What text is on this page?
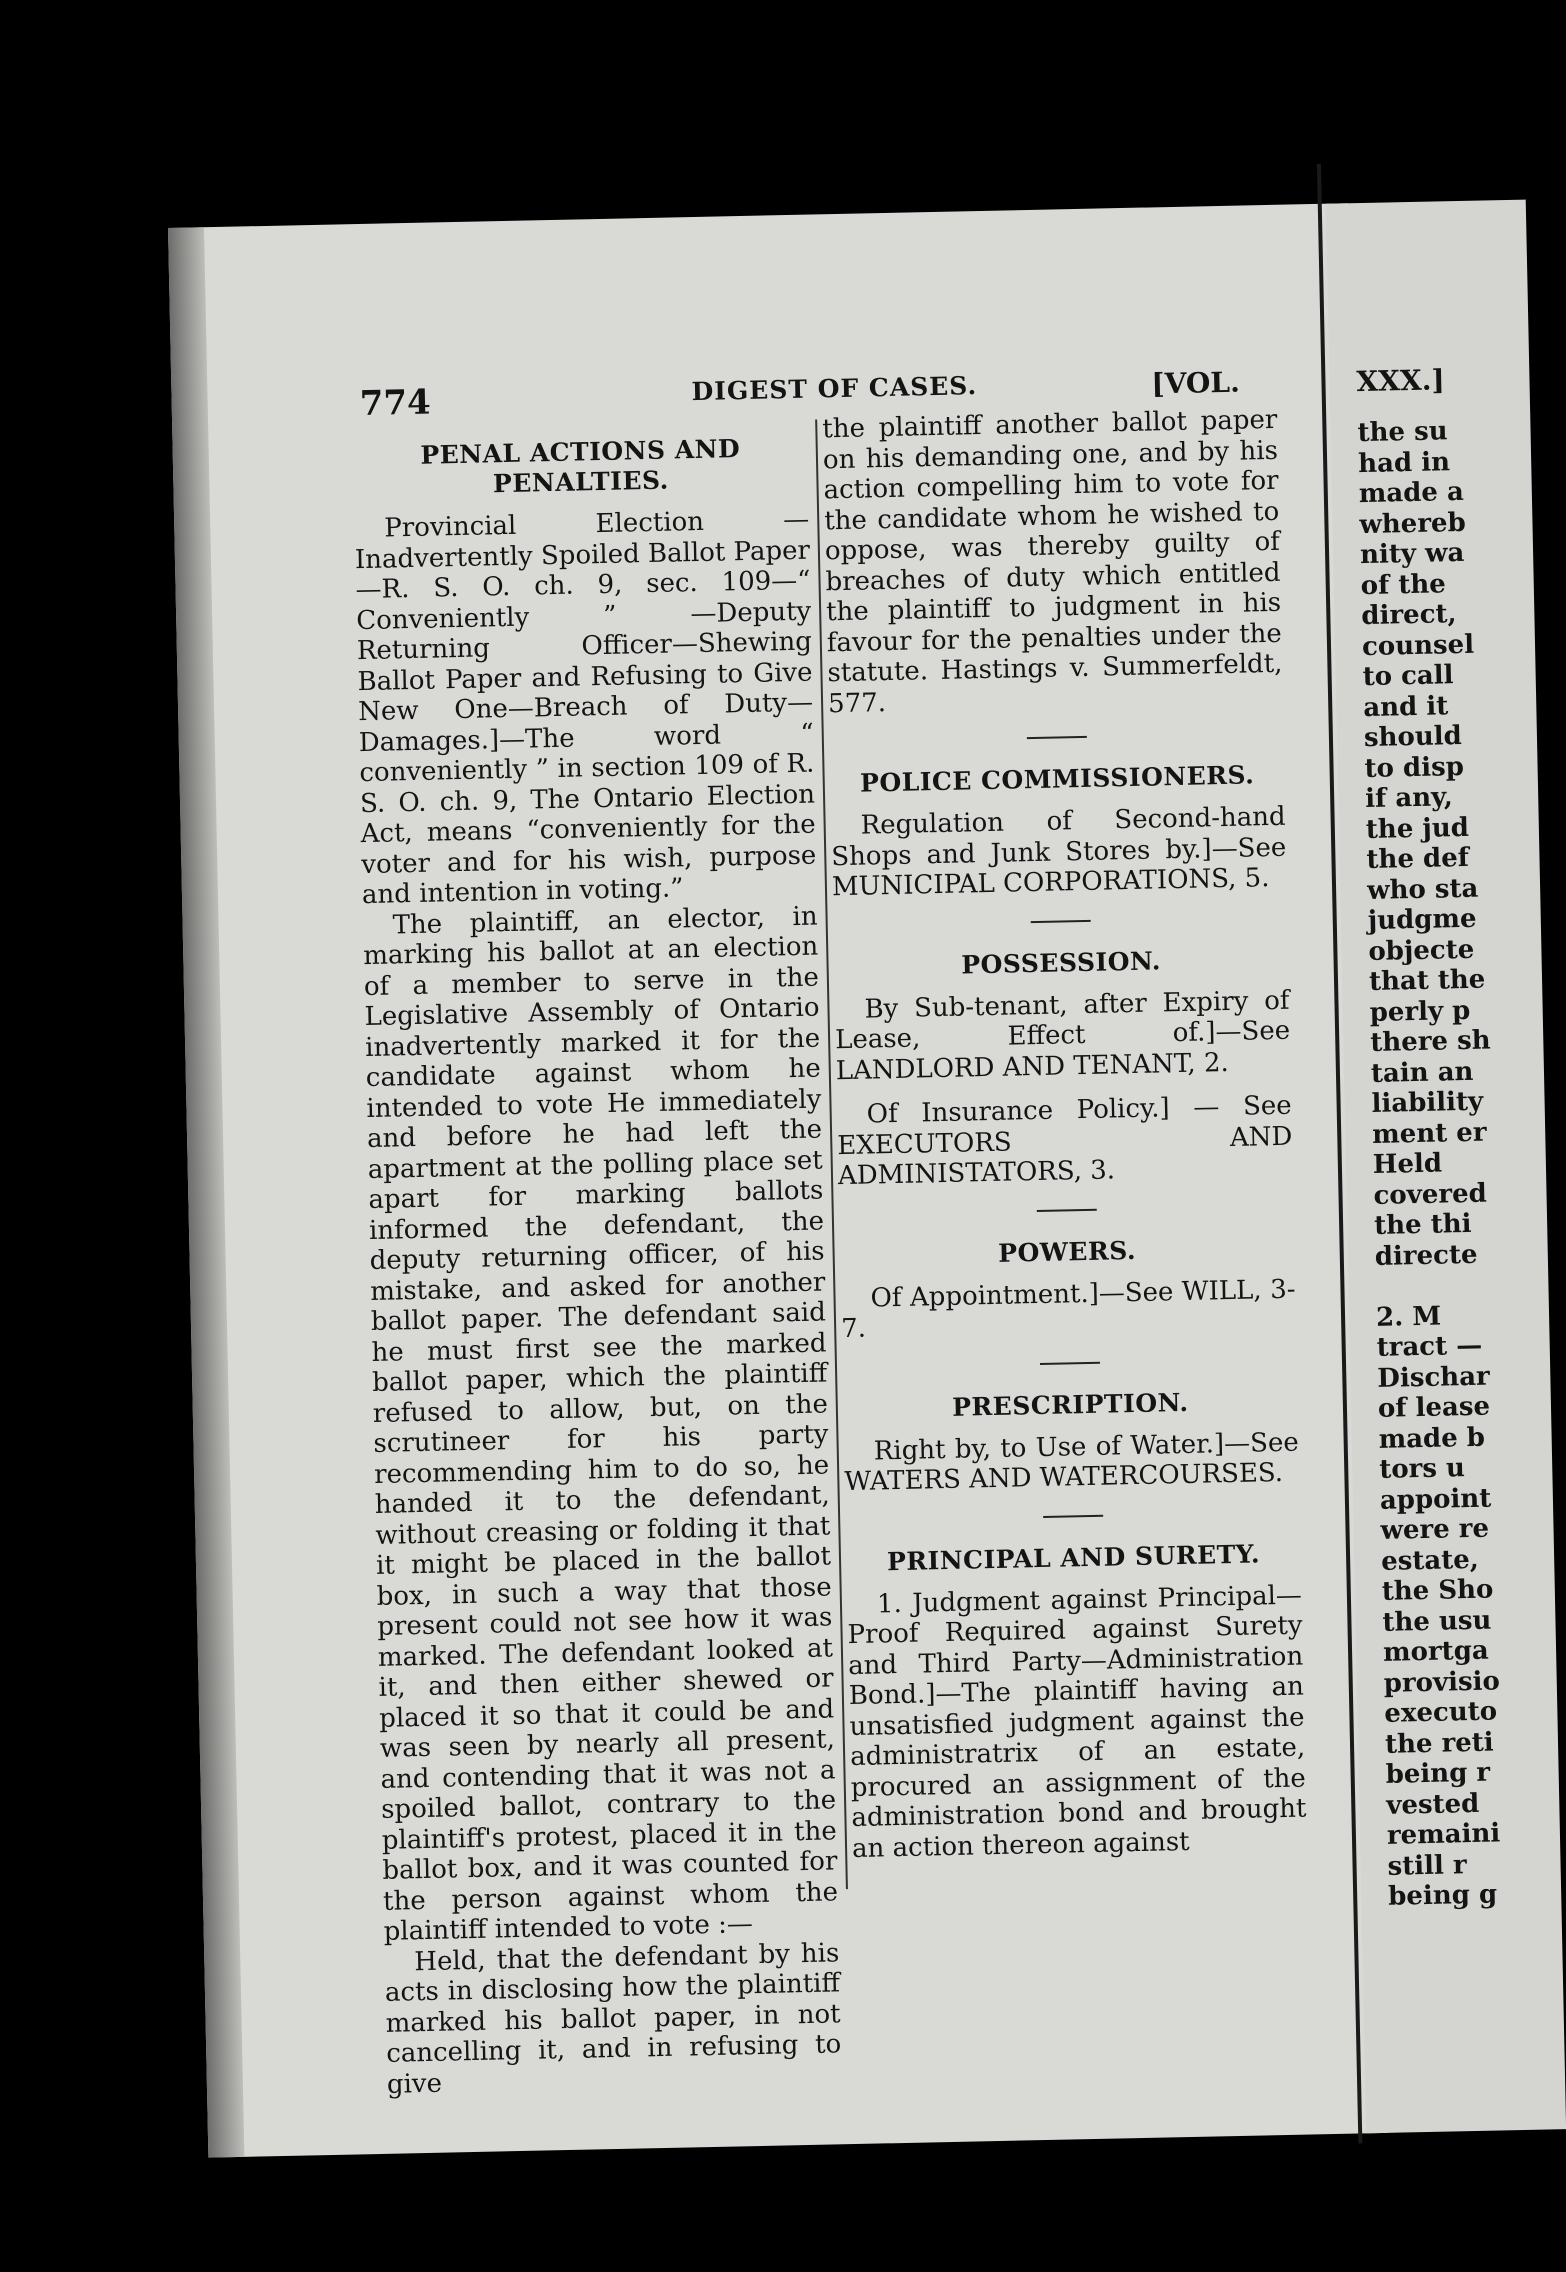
774	DIGEST OF CASES.	[VOL.	XXX.]
PENAL ACTIONS AND PENALTIES.

Provincial Election — Inadvertently Spoiled Ballot Paper—R. S. O. ch. 9, sec. 109—“ Conveniently ” —Deputy Returning Officer—Shewing Ballot Paper and Refusing to Give New One—Breach of Duty—Damages.]—The word “ conveniently ” in section 109 of R. S. O. ch. 9, The Ontario Election Act, means “conveniently for the voter and for his wish, purpose and intention in voting.”

The plaintiff, an elector, in marking his ballot at an election of a member to serve in the Legislative Assembly of Ontario inadvertently marked it for the candidate against whom he intended to vote He immediately and before he had left the apartment at the polling place set apart for marking ballots informed the defendant, the deputy returning officer, of his mistake, and asked for another ballot paper. The defendant said he must first see the marked ballot paper, which the plaintiff refused to allow, but, on the scrutineer for his party recommending him to do so, he handed it to the defendant, without creasing or folding it that it might be placed in the ballot box, in such a way that those present could not see how it was marked. The defendant looked at it, and then either shewed or placed it so that it could be and was seen by nearly all present, and contending that it was not a spoiled ballot, contrary to the plaintiff's protest, placed it in the ballot box, and it was counted for the person against whom the plaintiff intended to vote :—

Held, that the defendant by his acts in disclosing how the plaintiff marked his ballot paper, in not cancelling it, and in refusing to give

the plaintiff another ballot paper on his demanding one, and by his action compelling him to vote for the candidate whom he wished to oppose, was thereby guilty of breaches of duty which entitled the plaintiff to judgment in his favour for the penalties under the statute. Hastings v. Summerfeldt, 577.

POLICE COMMISSIONERS.

Regulation of Second-hand Shops and Junk Stores by.]—See MUNICIPAL CORPORATIONS, 5.

POSSESSION.

By Sub-tenant, after Expiry of Lease, Effect of.]—See LANDLORD AND TENANT, 2.

Of Insurance Policy.] — See EXECUTORS AND ADMINISTATORS, 3.

POWERS.

Of Appointment.]—See WILL, 3-7.

PRESCRIPTION.

Right by, to Use of Water.]—See WATERS AND WATERCOURSES.

PRINCIPAL AND SURETY.

1. Judgment against Principal—Proof Required against Surety and Third Party—Administration Bond.]—The plaintiff having an unsatisfied judgment against the administratrix of an estate, procured an assignment of the administration bond and brought an action thereon against

the su
had in
made a
whereb
nity wa
of the
direct,
counsel
to call
and it
should
to disp
if any,
the jud
the def
who sta
judgme
objecte
that the
perly p
there sh
tain an
liability
ment er
Held
covered
the thi
directe

2. M
tract —
Dischar
of lease
made b
tors u
appoint
were re
estate,
the Sho
the usu
mortga
provisio
executo
the reti
being r
vested
remaini
still r
being g
